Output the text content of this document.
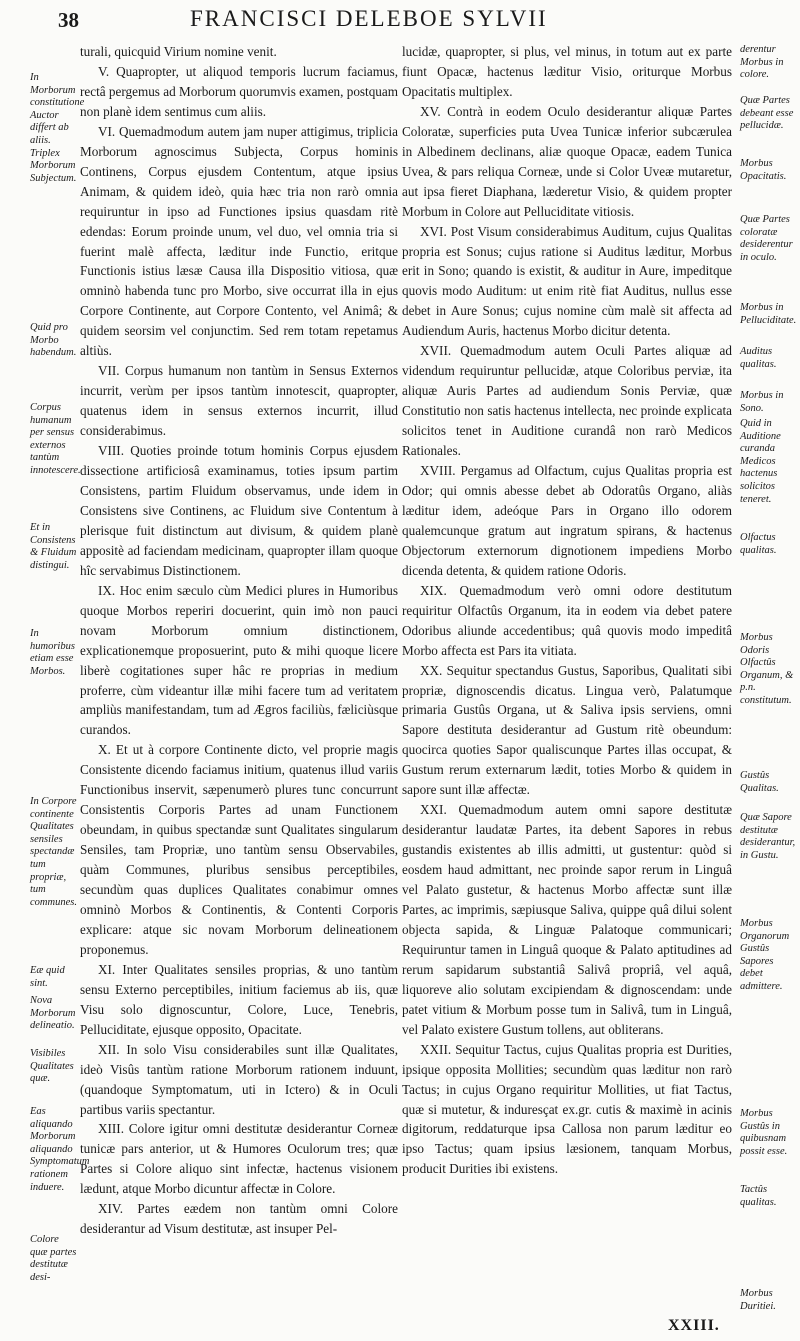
38	FRANCISCI DELEBOE SYLVII

turali, quicquid Virium nomine venit.

V. Quapropter, ut aliquod temporis lucrum faciamus, rectâ pergemus ad Morborum quorumvis examen, postquam non planè idem sentimus cum aliis.

VI. Quemadmodum autem jam nuper attigimus, triplicia Morborum agnoscimus Subjecta, Corpus hominis Continens, Corpus ejusdem Contentum, atque ipsius Animam, & quidem ideò, quia hæc tria non rarò omnia requiruntur in ipso ad Functiones ipsius quasdam ritè edendas: Eorum proinde unum, vel duo, vel omnia tria si fuerint malè affecta, læditur inde Functio, eritque Functionis istius læsæ Causa illa Dispositio vitiosa, quæ omninò habenda tunc pro Morbo, sive occurrat illa in ejus Corpore Continente, aut Corpore Contento, vel Animâ; & quidem seorsim vel conjunctim. Sed rem totam repetamus altiùs.

VII. Corpus humanum non tantùm in Sensus Externos incurrit, verùm per ipsos tantùm innotescit, quapropter, quatenus idem in sensus externos incurrit, illud considerabimus.

VIII. Quoties proinde totum hominis Corpus ejusdem dissectione artificiosâ examinamus, toties ipsum partim Consistens, partim Fluidum observamus, unde idem in Consistens sive Continens, ac Fluidum sive Contentum à plerisque fuit distinctum aut divisum, & quidem planè appositè ad faciendam medicinam, quapropter illam quoque hîc servabimus Distinctionem.

IX. Hoc enim sæculo cùm Medici plures in Humoribus quoque Morbos reperiri docuerint, quin imò non pauci novam Morborum omnium distinctionem, explicationemque proposuerint, puto & mihi quoque licere liberè cogitationes super hâc re proprias in medium proferre, cùm videantur illæ mihi facere tum ad veritatem ampliùs manifestandam, tum ad Ægros faciliùs, fæliciùsque curandos.

X. Et ut à corpore Continente dicto, vel proprie magis Consistente dicendo faciamus initium, quatenus illud variis Functionibus inservit, sæpenumerò plures tunc concurrunt Consistentis Corporis Partes ad unam Functionem obeundam, in quibus spectandæ sunt Qualitates singularum Sensiles, tam Propriæ, uno tantùm sensu Observabiles, quàm Communes, pluribus sensibus perceptibiles, secundùm quas duplices Qualitates conabimur omnes omninò Morbos & Continentis, & Contenti Corporis explicare: atque sic novam Morborum delineationem proponemus.

XI. Inter Qualitates sensiles proprias, & uno tantùm sensu Externo perceptibiles, initium faciemus ab iis, quæ Visu solo dignoscuntur, Colore, Luce, Tenebris, Pelluciditate, ejusque opposito, Opacitate.

XII. In solo Visu considerabiles sunt illæ Qualitates, ideò Visûs tantùm ratione Morborum rationem induunt, (quandoque Symptomatum, uti in Ictero) & in Oculi partibus variis spectantur.

XIII. Colore igitur omni destitutæ desiderantur Corneæ tunicæ pars anterior, ut & Humores Oculorum tres; quæ Partes si Colore aliquo sint infectæ, hactenus visionem lædunt, atque Morbo dicuntur affectæ in Colore.

XIV. Partes eædem non tantùm omni Colore desiderantur ad Visum destitutæ, ast insuper Pel-

lucidæ, quapropter, si plus, vel minus, in totum aut ex parte fiunt Opacæ, hactenus læditur Visio, oriturque Morbus Opacitatis multiplex.

XV. Contrà in eodem Oculo desiderantur aliquæ Partes Coloratæ, superficies puta Uvea Tunicæ inferior subcærulea in Albedinem declinans, aliæ quoque Opacæ, eadem Tunica Uvea, & pars reliqua Corneæ, unde si Color Uveæ mutaretur, aut ipsa fieret Diaphana, læderetur Visio, & quidem propter Morbum in Colore aut Pelluciditate vitiosis.

XVI. Post Visum considerabimus Auditum, cujus Qualitas propria est Sonus; cujus ratione si Auditus læditur, Morbus erit in Sono; quando is existit, & auditur in Aure, impeditque quovis modo Auditum: ut enim ritè fiat Auditus, nullus esse debet in Aure Sonus; cujus nomine cùm malè sit affecta ad Audiendum Auris, hactenus Morbo dicitur detenta.

XVII. Quemadmodum autem Oculi Partes aliquæ ad videndum requiruntur pellucidæ, atque Coloribus perviæ, ita aliquæ Auris Partes ad audiendum Sonis Perviæ, quæ Constitutio non satis hactenus intellecta, nec proinde explicata solicitos tenet in Auditione curandâ non rarò Medicos Rationales.

XVIII. Pergamus ad Olfactum, cujus Qualitas propria est Odor; qui omnis abesse debet ab Odoratûs Organo, aliàs læditur idem, adeóque Pars in Organo illo odorem qualemcunque gratum aut ingratum spirans, & hactenus Objectorum externorum dignotionem impediens Morbo dicenda detenta, & quidem ratione Odoris.

XIX. Quemadmodum verò omni odore destitutum requiritur Olfactûs Organum, ita in eodem via debet patere Odoribus aliunde accedentibus; quâ quovis modo impeditâ Morbo affecta est Pars ita vitiata.

XX. Sequitur spectandus Gustus, Saporibus, Qualitati sibi propriæ, dignoscendis dicatus. Lingua verò, Palatumque primaria Gustûs Organa, ut & Saliva ipsis serviens, omni Sapore destituta desiderantur ad Gustum ritè obeundum: quocirca quoties Sapor qualiscunque Partes illas occupat, & Gustum rerum externarum lædit, toties Morbo & quidem in sapore sunt illæ affectæ.

XXI. Quemadmodum autem omni sapore destitutæ desiderantur laudatæ Partes, ita debent Sapores in rebus gustandis existentes ab illis admitti, ut gustentur: quòd si eosdem haud admittant, nec proinde sapor rerum in Linguâ vel Palato gustetur, & hactenus Morbo affectæ sunt illæ Partes, ac imprimis, sæpiusque Saliva, quippe quâ dilui solent objecta sapida, & Linguæ Palatoque communicari; Requiruntur tamen in Linguâ quoque & Palato aptitudines ad rerum sapidarum substantiâ Salivâ propriâ, vel aquâ, liquoreve alio solutam excipiendam & dignoscendam: unde patet vitium & Morbum posse tum in Salivâ, tum in Linguâ, vel Palato existere Gustum tollens, aut obliterans.

XXII. Sequitur Tactus, cujus Qualitas propria est Durities, ipsique opposita Mollities; secundùm quas læditur non rarò Tactus; in cujus Organo requiritur Mollities, ut fiat Tactus, quæ si mutetur, & induresçat ex.gr. cutis & maximè in acinis digitorum, reddaturque ipsa Callosa non parum læditur eo ipso Tactus; quam ipsius læsionem, tanquam Morbus, producit Durities ibi existens.

In Morborum constitutione Auctor differt ab aliis. Triplex Morborum Subjectum.
Quid pro Morbo habendum.
Corpus humanum per sensus externos tantùm innotescere.
Et in Consistens & Fluidum distingui.
In humoribus etiam esse Morbos.
In Corpore continente Qualitates sensiles spectandæ tum propriæ, tum communes.
Eæ quid sint.
Nova Morborum delineatio.
Visibiles Qualitates quæ.
Eas aliquando Morborum aliquando Symptomatum rationem induere.
Colore quæ partes destitutæ desi-
derentur Morbus in colore.
Quæ Partes debeant esse pellucidæ.
Morbus Opacitatis.
Quæ Partes coloratæ desiderentur in oculo.
Morbus in Pelluciditate.
Auditus qualitas.
Morbus in Sono.
Quid in Auditione curanda Medicos hactenus solicitos teneret.
Olfactus qualitas.
Morbus Odoris Olfactûs Organum, & p.n. constitutum.
Gustûs Qualitas.
Quæ Sapore destitutæ desiderantur, in Gustu.
Morbus Organorum Gustûs Sapores debet admittere.
Morbus Gustûs in quibusnam possit esse.
Tactûs qualitas.
Morbus Duritiei.
XXIII.
